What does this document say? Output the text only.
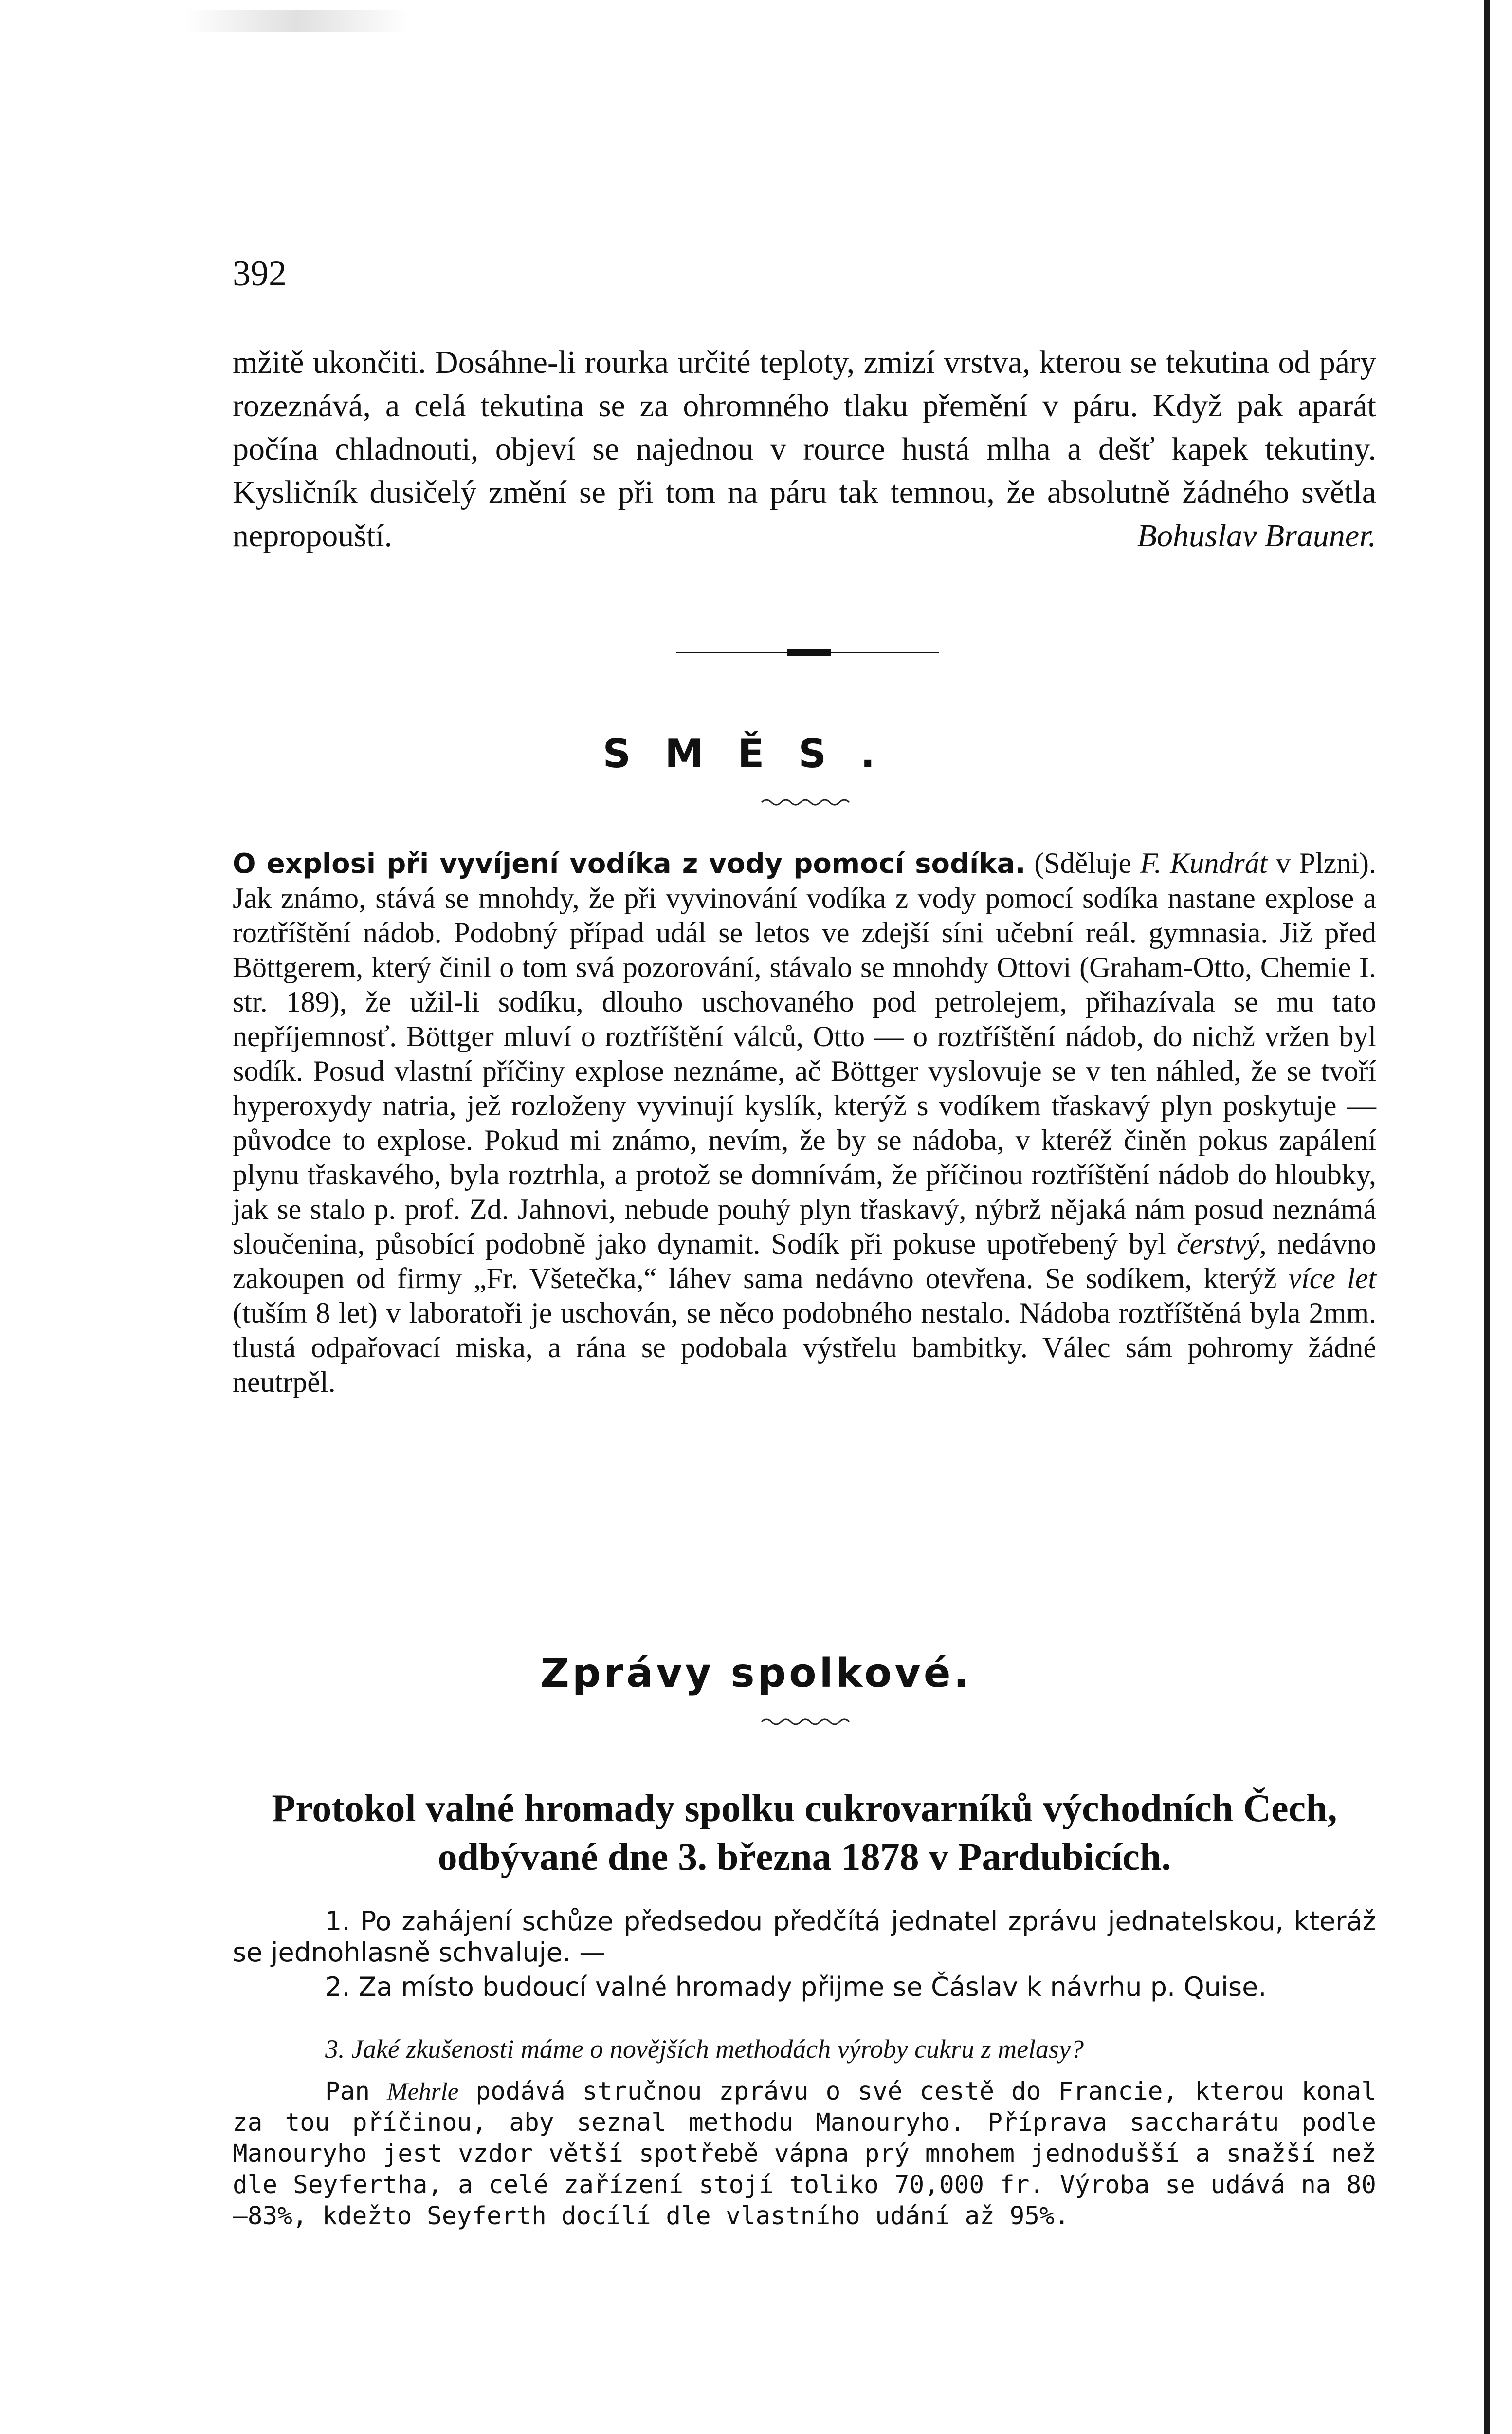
392

mžitě ukončiti. Dosáhne-li rourka určité teploty, zmizí vrstva, kterou se tekutina od páry rozeznává, a celá tekutina se za ohromného tlaku přemění v páru. Když pak aparát počína chladnouti, objeví se najednou v rource hustá mlha a dešť kapek tekutiny. Kysličník dusičelý změní se při tom na páru tak temnou, že absolutně žádného světla nepropouští.	Bohuslav Brauner.

SMĚS.

O explosi při vyvíjení vodíka z vody pomocí sodíka. (Sděluje F. Kundrát v Plzni). Jak známo, stává se mnohdy, že při vyvinování vodíka z vody pomocí sodíka nastane explose a roztříštění nádob. Podobný případ udál se letos ve zdejší síni učební reál. gymnasia. Již před Böttgerem, který činil o tom svá pozorování, stávalo se mnohdy Ottovi (Graham-Otto, Chemie I. str. 189), že užil-li sodíku, dlouho uschovaného pod petrolejem, přihazívala se mu tato nepříjemnosť. Böttger mluví o roztříštění válců, Otto — o roztříštění nádob, do nichž vržen byl sodík. Posud vlastní příčiny explose neznáme, ač Böttger vyslovuje se v ten náhled, že se tvoří hyperoxydy natria, jež rozloženy vyvinují kyslík, kterýž s vodíkem třaskavý plyn poskytuje — původce to explose. Pokud mi známo, nevím, že by se nádoba, v kteréž činěn pokus zapálení plynu třaskavého, byla roztrhla, a protož se domnívám, že příčinou roztříštění nádob do hloubky, jak se stalo p. prof. Zd. Jahnovi, nebude pouhý plyn třaskavý, nýbrž nějaká nám posud neznámá sloučenina, působící podobně jako dynamit. Sodík při pokuse upotřebený byl čerstvý, nedávno zakoupen od firmy „Fr. Všetečka,“ láhev sama nedávno otevřena. Se sodíkem, kterýž více let (tuším 8 let) v laboratoři je uschován, se něco podobného nestalo. Nádoba roztříštěná byla 2mm. tlustá odpařovací miska, a rána se podobala výstřelu bambitky. Válec sám pohromy žádné neutrpěl.

Zprávy spolkové.
Protokol valné hromady spolku cukrovarníků východních Čech,
odbývané dne 3. března 1878 v Pardubicích.

1. Po zahájení schůze předsedou předčítá jednatel zprávu jednatelskou, kteráž se jednohlasně schvaluje. —

2. Za místo budoucí valné hromady přijme se Čáslav k návrhu p. Quise.

3. Jaké zkušenosti máme o novějších methodách výroby cukru z melasy?

Pan Mehrle podává stručnou zprávu o své cestě do Francie, kterou konal za tou příčinou, aby seznal methodu Manouryho. Příprava saccharátu podle Manouryho jest vzdor větší spotřebě vápna prý mnohem jednodušší a snažší než dle Seyfertha, a celé zařízení stojí toliko 70,000 fr. Výroba se udává na 80—83%, kdežto Seyferth docílí dle vlastního udání až 95%.
